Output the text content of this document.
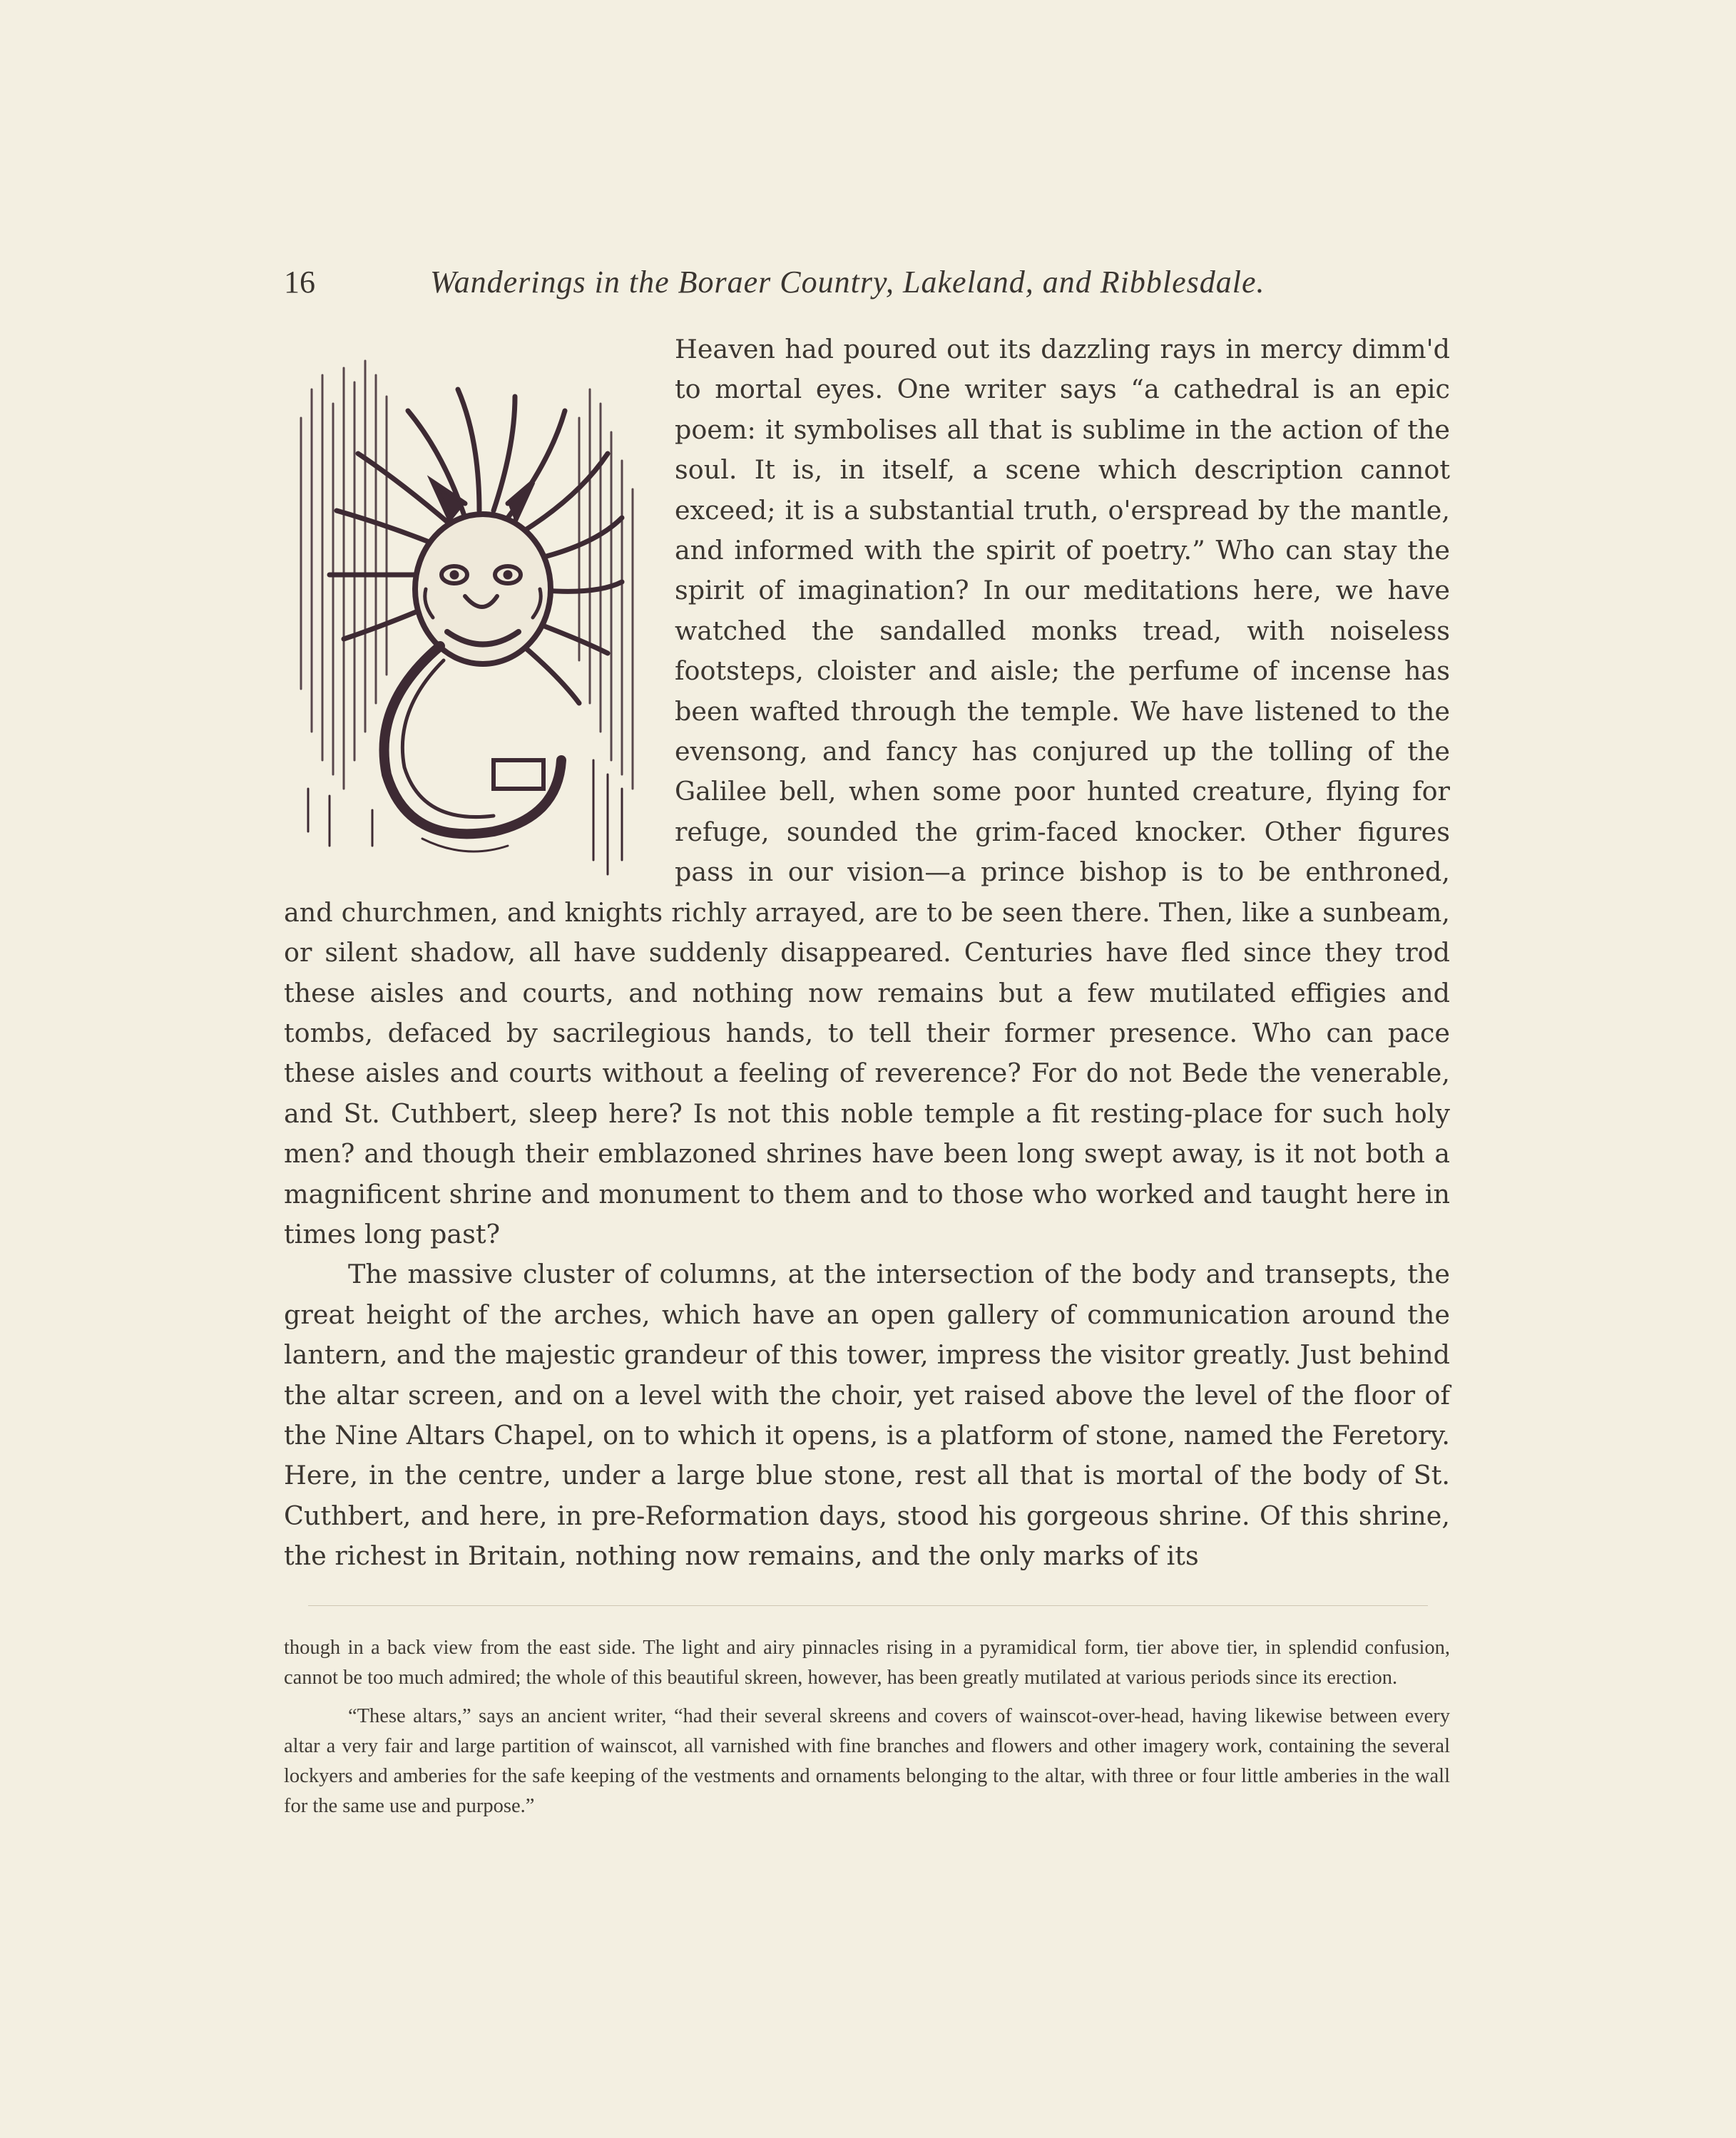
16	Wanderings in the Boraer Country, Lakeland, and Ribblesdale.

Heaven had poured out its dazzling rays in mercy dimm'd to mortal eyes. One writer says “a cathedral is an epic poem: it symbolises all that is sublime in the action of the soul. It is, in itself, a scene which description cannot exceed; it is a substantial truth, o'erspread by the mantle, and informed with the spirit of poetry.” Who can stay the spirit of imagination? In our meditations here, we have watched the sandalled monks tread, with noiseless footsteps, cloister and aisle; the perfume of incense has been wafted through the temple. We have listened to the evensong, and fancy has conjured up the tolling of the Galilee bell, when some poor hunted creature, flying for refuge, sounded the grim-faced knocker. Other figures pass in our vision—a prince bishop is to be enthroned, and churchmen, and knights richly arrayed, are to be seen there. Then, like a sunbeam, or silent shadow, all have suddenly disappeared. Centuries have fled since they trod these aisles and courts, and nothing now remains but a few mutilated effigies and tombs, defaced by sacrilegious hands, to tell their former presence. Who can pace these aisles and courts without a feeling of reverence? For do not Bede the venerable, and St. Cuthbert, sleep here? Is not this noble temple a fit resting-place for such holy men? and though their emblazoned shrines have been long swept away, is it not both a magnificent shrine and monument to them and to those who worked and taught here in times long past?

The massive cluster of columns, at the intersection of the body and transepts, the great height of the arches, which have an open gallery of communication around the lantern, and the majestic grandeur of this tower, impress the visitor greatly. Just behind the altar screen, and on a level with the choir, yet raised above the level of the floor of the Nine Altars Chapel, on to which it opens, is a platform of stone, named the Feretory. Here, in the centre, under a large blue stone, rest all that is mortal of the body of St. Cuthbert, and here, in pre-Reformation days, stood his gorgeous shrine. Of this shrine, the richest in Britain, nothing now remains, and the only marks of its

though in a back view from the east side. The light and airy pinnacles rising in a pyramidical form, tier above tier, in splendid confusion, cannot be too much admired; the whole of this beautiful skreen, however, has been greatly mutilated at various periods since its erection.

“These altars,” says an ancient writer, “had their several skreens and covers of wainscot-over-head, having likewise between every altar a very fair and large partition of wainscot, all varnished with fine branches and flowers and other imagery work, containing the several lockyers and amberies for the safe keeping of the vestments and ornaments belonging to the altar, with three or four little amberies in the wall for the same use and purpose.”
